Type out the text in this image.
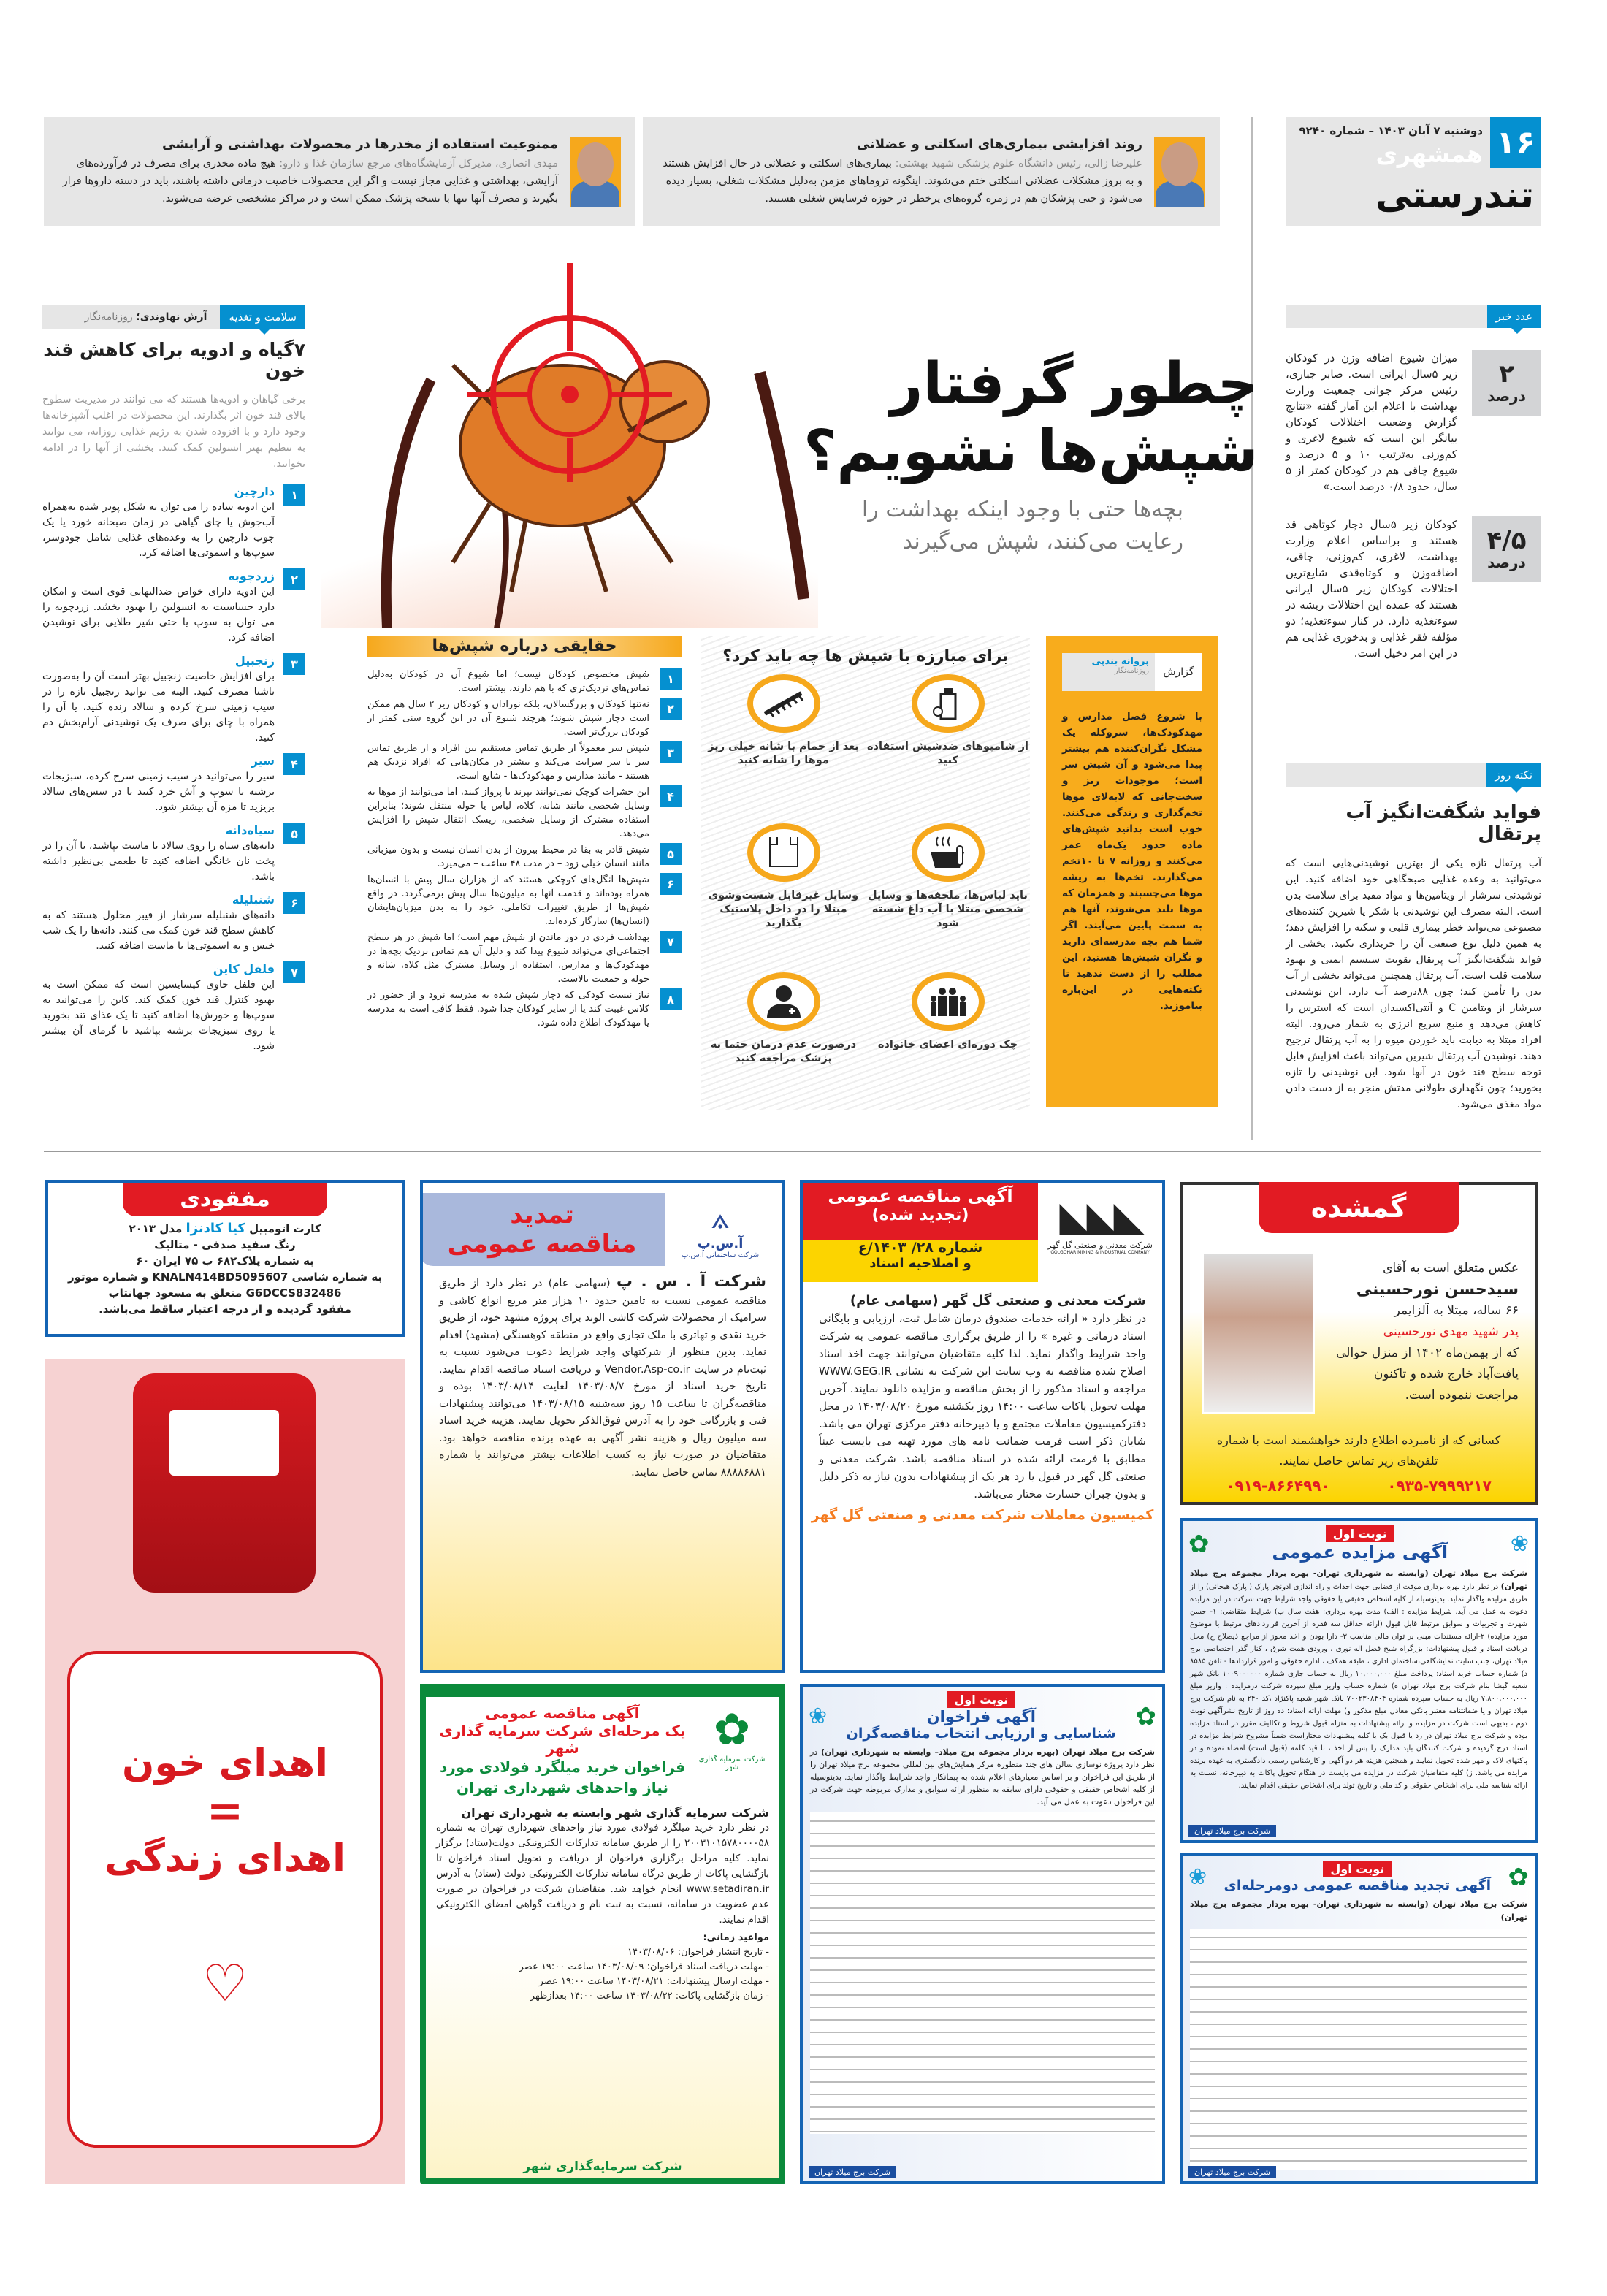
۱۶
دوشنبه ۷ آبان ۱۴۰۳ – شماره ۹۲۴۰
همشهری
تندرستی
روند افزایشی بیماری‌های اسکلتی و عضلانی

علیرضا زالی، رئیس دانشگاه علوم پزشکی شهید بهشتی: بیماری‌های اسکلتی و عضلانی در حال افزایش هستند و به بروز مشکلات عضلانی اسکلتی ختم می‌شوند. اینگونه تروماهای مزمن به‌دلیل مشکلات شغلی، بسیار دیده می‌شود و حتی پزشکان هم در زمره گروه‌های پرخطر در حوزه فرسایش شغلی هستند.

ممنوعیت استفاده از مخدرها در محصولات بهداشتی و آرایشی

مهدی انصاری، مدیرکل آزمایشگاه‌های مرجع سازمان غذا و دارو: هیچ ماده مخدری برای مصرف در فرآورده‌های آرایشی، بهداشتی و غذایی مجاز نیست و اگر این محصولات خاصیت درمانی داشته باشند، باید در دسته داروها قرار بگیرند و مصرف آنها تنها با نسخه پزشک ممکن است و در مراکز مشخصی عرضه می‌شوند.

عدد خبر
۲
درصد

میزان شیوع اضافه وزن در کودکان زیر ۵سال ایرانی است. صابر جباری، رئیس مرکز جوانی جمعیت وزارت بهداشت با اعلام این آمار گفته «نتایج گزارش وضعیت اختلالات کودکان بیانگر این است که شیوع لاغری و کم‌وزنی به‌ترتیب ۱۰ و ۵ درصد و شیوع چاقی هم در کودکان کمتر از ۵ سال، حدود ۰/۸ درصد است.»

۴/۵
درصد

کودکان زیر ۵سال دچار کوتاهی قد هستند و براساس اعلام وزارت بهداشت، لاغری، کم‌وزنی، چاقی، اضافه‌وزن و کوتاه‌قدی شایع‌ترین اختلالات کودکان زیر ۵سال ایرانی هستند که عمده این اختلالات ریشه در سوءتغذیه دارد. در کنار سوءتغذیه؛ دو مؤلفه فقر غذایی و بدخوری غذایی هم در این امر دخیل است.

نکته روز
فواید شگفت‌انگیز آب پرتقال

آب پرتقال تازه یکی از بهترین نوشیدنی‌هایی است که می‌توانید به وعده غذایی صبحگاهی خود اضافه کنید. این نوشیدنی سرشار از ویتامین‌ها و مواد مفید برای سلامت بدن است. البته مصرف این نوشیدنی با شکر یا شیرین کننده‌های مصنوعی می‌تواند خطر بیماری قلبی و سکته را افزایش دهد؛ به همین دلیل نوع صنعتی آن را خریداری نکنید. بخشی از فواید شگفت‌انگیز آب پرتقال تقویت سیستم ایمنی و بهبود سلامت قلب است. آب پرتقال همچنین می‌تواند بخشی از آب بدن را تأمین کند؛ چون ۸۸درصد آب دارد. این نوشیدنی سرشار از ویتامین C و آنتی‌اکسیدان است که استرس را کاهش می‌دهد و منبع سریع انرژی به شمار می‌رود. البته افراد مبتلا به دیابت باید خوردن میوه را به آب پرتقال ترجیح دهند. نوشیدن آب پرتقال شیرین می‌تواند باعث افزایش قابل توجه سطح قند خون در آنها شود. این نوشیدنی را تازه بخورید؛ چون نگهداری طولانی مدتش منجر به از دست دادن مواد مغذی می‌شود.

سلامت و تغذیه
آرش نهاوندی؛ روزنامه‌نگار
۷گیاه و ادویه برای کاهش قند خون

برخی گیاهان و ادویه‌ها هستند که می توانند در مدیریت سطوح بالای قند خون اثر بگذارند. این محصولات در اغلب آشپزخانه‌ها وجود دارد و با افزوده شدن به رژیم غذایی روزانه، می توانند به تنظیم بهتر انسولین کمک کنند. بخشی از آنها را در ادامه بخوانید.

۱
دارچین

این ادویه ساده را می توان به شکل پودر شده به‌همراه آب‌جوش یا چای گیاهی در زمان صبحانه خورد یا یک چوب دارچین را به وعده‌های غذایی شامل جودوسر، سوپ‌ها و اسموتی‌ها اضافه کرد.

۲
زردچوبه

این ادویه دارای خواص ضدالتهابی قوی است و امکان دارد حساسیت به انسولین را بهبود بخشد. زردچوبه را می توان به سوپ یا حتی شیر طلایی برای نوشیدن اضافه کرد.

۳
زنجبیل

برای افزایش خاصیت زنجبیل بهتر است آن را به‌صورت ناشتا مصرف کنید. البته می توانید زنجبیل تازه را در سیب زمینی سرخ کرده و سالاد رنده کنید، یا آن را همراه با چای برای صرف یک نوشیدنی آرام‌بخش دم کنید.

۴
سیر

سیر را می‌توانید در سیب زمینی سرخ کرده، سبزیجات برشته یا سوپ و آش خرد کنید یا در سس‌های سالاد بریزید تا مزه آن بیشتر شود.

۵
سیاه‌دانه

دانه‌های سیاه را روی سالاد یا ماست بپاشید، یا آن را در پخت نان خانگی اضافه کنید تا طعمی بی‌نظیر داشته باشد.

۶
شنبلیله

دانه‌های شنبلیله سرشار از فیبر محلول هستند که به کاهش سطح قند خون کمک می کنند. دانه‌ها را یک شب خیس و به اسموتی‌ها یا ماست اضافه کنید.

۷
فلفل کاین

این فلفل حاوی کپسایسین است که ممکن است به بهبود کنترل قند خون کمک کند. کاین را می‌توانید به سوپ‌ها و خورش‌ها اضافه کنید تا یک غذای تند بخورید یا روی سبزیجات برشته بپاشید تا گرمای آن بیشتر شود.

چطور گرفتار
شپش‌ها نشویم؟

بچه‌ها حتی با وجود اینکه بهداشت را رعایت می‌کنند، شپش می‌گیرند

گزارش
پروانه بندپی
روزنامه‌نگار

با شروع فصل مدارس و مهدکودک‌ها، سروکله یک مشکل نگران‌کننده هم بیشتر پیدا می‌شود و آن شپش سر است؛ موجودات ریز و سخت‌جانی که لابه‌لای موها تخم‌گذاری و زندگی می‌کنند. خوب است بدانید شپش‌های ماده حدود یک‌ماه عمر می‌کنند و روزانه ۷ تا ۱۰تخم می‌گذارند. تخم‌ها به ریشه موها می‌چسبند و همزمان که موها بلند می‌شوند، آنها هم به سمت پایین می‌آیند. اگر شما هم بچه مدرسه‌ای دارید و نگران شپش‌ها هستید، این مطلب را از دست ندهید تا نکته‌هایی در این‌باره بیاموزید.

برای مبارزه با شپش ها چه باید کرد؟

از شامپوهای ضدشپش استفاده کنید

بعد از حمام با شانه خیلی ریز موها را شانه کنید

باید لباس‌ها، ملحفه‌ها و وسایل شخصی مبتلا با آب داغ شسته شود

وسایل غیرقابل شست‌وشوی مبتلا را در داخل پلاستیک بگذارید

چک دوره‌ای اعضای خانواده

درصورت عدم درمان حتما به پزشک مراجعه کنید

حقایقی درباره شپش‌ها
۱

شپش مخصوص کودکان نیست؛ اما شیوع آن در کودکان به‌دلیل تماس‌های نزدیک‌تری که با هم دارند، بیشتر است.

۲

نه‌تنها کودکان و بزرگسالان، بلکه نوزادان و کودکان زیر ۲ سال هم ممکن است دچار شپش شوند؛ هرچند شیوع آن در این گروه سنی کمتر از کودکان بزرگ‌تر است.

۳

شپش سر معمولاً از طریق تماس مستقیم بین افراد و از طریق تماس سر با سر سرایت می‌کند و بیشتر در مکان‌هایی که افراد نزدیک هم هستند - مانند مدارس و مهدکودک‌ها - شایع است.

۴

این حشرات کوچک نمی‌توانند بپرند یا پرواز کنند، اما می‌توانند از موها به وسایل شخصی مانند شانه، کلاه، لباس یا حوله منتقل شوند؛ بنابراین استفاده مشترک از وسایل شخصی، ریسک انتقال شپش را افزایش می‌دهد.

۵

شپش قادر به بقا در محیط بیرون از بدن انسان نیست و بدون میزبانی مانند انسان خیلی زود – در مدت ۴۸ ساعت – می‌میرد.

۶

شپش‌ها انگل‌های کوچکی هستند که از هزاران سال پیش با انسان‌ها همراه بوده‌اند و قدمت آنها به میلیون‌ها سال پیش برمی‌گردد. در واقع شپش‌ها از طریق تغییرات تکاملی، خود را به بدن میزبان‌هایشان (انسان‌ها) سازگار کرده‌اند.

۷

بهداشت فردی در دور ماندن از شپش مهم است؛ اما شپش در هر سطح اجتماعی‌ای می‌تواند شیوع پیدا کند و دلیل آن هم تماس نزدیک بچه‌ها در مهدکودک‌ها و مدارس، استفاده از وسایل مشترک مثل کلاه، شانه و حوله و جمعیت بالاست.

۸

نیاز نیست کودکی که دچار شپش شده به مدرسه نرود و از حضور در کلاس غیبت کند یا از سایر کودکان جدا شود. فقط کافی است به مدرسه یا مهدکودک اطلاع داده شود.

مفقودی
کارت اتومبیل کیا کادنزا مدل ۲۰۱۳
رنگ سفید صدفی - متالیک
به شماره پلاک۶۸۲ ب ۷۵ ایران ۶۰
به شماره شاسی KNALN414BD5095607 و شماره موتور
G6DCCS832486 متعلق به مسعود جهانتاب
مفقود گردیده و از درجه اعتبار ساقط می‌باشد.
اهدای خون
=
اهدای زندگی
♡
⟑
آ.س.پ
شرکت ساختمانی آ.س.پ
تمدید
مناقصه عمومی

شرکت آ . س . پ (سهامی عام) در نظر دارد از طریق مناقصه عمومی نسبت به تامین حدود ۱۰ هزار متر مربع انواع کاشی و سرامیک از محصولات شرکت کاشی الوند برای پروژه مشهد خود، از طریق خرید نقدی و تهاتری با ملک تجاری واقع در منطقه کوهسنگی (مشهد) اقدام نماید. بدین منظور از شرکتهای واجد شرایط دعوت می‌شود نسبت به ثبت‌نام در سایت Vendor.Asp-co.ir و دریافت اسناد مناقصه اقدام نمایند. تاریخ خرید اسناد از مورخ ۱۴۰۳/۰۸/۷ لغایت ۱۴۰۳/۰۸/۱۴ بوده و مناقصه‌گران تا ساعت ۱۵ روز سه‌شنبه ۱۴۰۳/۰۸/۱۵ می‌توانند پیشنهادات فنی و بازرگانی خود را به آدرس فوق‌الذکر تحویل نمایند. هزینه خرید اسناد سه میلیون ریال و هزینه نشر آگهی به عهده برنده مناقصه خواهد بود. متقاضیان در صورت نیاز به کسب اطلاعات بیشتر می‌توانند با شماره ۸۸۸۸۶۸۸۱ تماس حاصل نمایند.

◣◣◣
شرکت معدنی و صنعتی گل گهر
GOLGOHAR MINING & INDUSTRIAL COMPANY
آگهی مناقصه عمومی
(تجدید شده)
شماره ۲۸/ ۱۴۰۳/ع
و اصلاحیه اسناد

شرکت معدنی و صنعتی گل گهر (سهامی عام)
در نظر دارد « ارائه خدمات صندوق درمان شامل ثبت، ارزیابی و بایگانی اسناد درمانی و غیره » را از طریق برگزاری مناقصه عمومی به شرکت واجد شرایط واگذار نماید. لذا کلیه متقاضیان می‌توانند جهت اخذ اسناد اصلاح شده مناقصه به وب سایت این شرکت به نشانی WWW.GEG.IR مراجعه و اسناد مذکور را از بخش مناقصه و مزایده دانلود نمایند. آخرین مهلت تحویل پاکات ساعت ۱۴:۰۰ روز یکشنبه مورخ ۱۴۰۳/۰۸/۲۰ در محل دفترکمیسیون معاملات مجتمع و یا دبیرخانه دفتر مرکزی تهران می باشد. شایان ذکر است فرمت ضمانت نامه های مورد تهیه می بایست عیناً مطابق با فرمت ارائه شده در اسناد مناقصه باشد. شرکت معدنی و صنعتی گل گهر در قبول یا رد هر یک از پیشنهادات بدون نیاز به ذکر دلیل و بدون جبران خسارت مختار می‌باشد.

کمیسیون معاملات شرکت معدنی و صنعتی گل گهر
گمشده
عکس متعلق است به آقای
سیدحسن نورحسینی
۶۶ ساله، مبتلا به آلزایمر
پدر شهید مهدی نورحسینی
که از بهمن‌ماه ۱۴۰۲ از منزل حوالی یافت‌آباد خارج شده و تاکنون مراجعت ننموده است.
کسانی که از نامبرده اطلاع دارند خواهشمند است با شماره تلفن‌های زیر تماس حاصل نمایند.
۰۹۳۵-۷۹۹۹۲۱۷
۰۹۱۹-۸۶۶۴۹۹۰
❀
نوبت اول
آگهی مزایده عمومی
✿

شرکت برج میلاد تهران (وابسته به شهرداری تهران- بهره بردار مجموعه برج میلاد تهران) در نظر دارد بهره برداری موقت از فضایی جهت احداث و راه اندازی ادونچر پارک ( پارک هیجانی) را از طریق مزایده واگذار نماید. بدینوسیله از کلیه اشخاص حقیقی یا حقوقی واجد شرایط جهت شرکت در این مزایده دعوت به عمل می آید. شرایط مزایده : الف) مدت بهره برداری: هفت سال ب) شرایط متقاضی: ۱- حسن شهرت و تجربیات و سوابق مرتبط قابل قبول (ارائه حداقل سه فقره از آخرین قراردادهای مرتبط با موضوع مورد مزایده) ۲-ارائه مستندات مبنی بر توان مالی مناسب ۳- دارا بودن و اخذ مجوز از مراجع ذیصلاح ج) محل دریافت اسناد و قبول پیشنهادات: بزرگراه شیخ فضل اله نوری ، ورودی همت شرق ، کنار گذر اختصاصی برج میلاد تهران، جنب سایت نمایشگاهی،ساختمان اداری ، طبقه همکف ، اداره حقوقی و امور قراردادها - تلفن ۸۵۸۵ د) شماره حساب خرید اسناد: پرداخت مبلغ ۱۰,۰۰۰,۰۰۰ ریال به حساب جاری شماره ۱۰۰۹۰۰۰۰۰۰ بانک شهر شعبه گیشا بنام شرکت برج میلاد تهران ه) شماره حساب واریز مبلغ سپرده شرکت درمزایده : واریز مبلغ ۷,۸۰۰,۰۰۰,۰۰۰ ریال به حساب سپرده شماره ۷۰۰۲۳۰۸۴۰۴ بانک شهر شعبه پاکنژاد ،کد ۲۴۰ به نام شرکت برج میلاد تهران و یا ضمانتنامه معتبر بانکی معادل مبلغ مذکور و) مهلت ارائه اسناد: ده روز از تاریخ نشرآگهی نوبت دوم ، بدیهی است شرکت در مزایده و ارائه پیشنهادات به منزله قبول شروط و تکالیف مقرر در اسناد مزایده بوده و شرکت برج میلاد تهران در رد یا قبول یک یا کلیه پیشنهادات مختاراست ضمناً مشروح شرایط مزایده در اسناد درج گردیده و شرکت کنندگان باید مدارک را پس از اخذ ، با قید کلمه (قبول است) امضاء نموده و در پاکتهای لاک و مهر شده تحویل نمایند و همچنین هزینه هر دو آگهی و کارشناس رسمی دادگستری به عهده برنده مزایده می باشد. ز) کلیه متقاضیان شرکت در مزایده می بایست در هنگام تحویل پاکات به دبیرخانه، نسبت به ارائه شناسه ملی برای اشخاص حقوقی و کد ملی و تاریخ تولد برای اشخاص حقیقی اقدام نمایند.

شرکت برج میلاد تهران
✿
نوبت اول
آگهی تجدید مناقصه عمومی دومرحله‌ای
❀

شرکت برج میلاد تهران (وابسته به شهرداری تهران- بهره بردار مجموعه برج میلاد تهران)

شرکت برج میلاد تهران
✿
شرکت سرمایه گذاری شهر
آگهی مناقصه عمومی
یک مرحله‌ای شرکت سرمایه گذاری شهر
فراخوان خرید میلگرد فولادی مورد نیاز واحدهای شهرداری تهران

شرکت سرمایه گذاری شهر وابسته به شهرداری تهران
در نظر دارد خرید میلگرد فولادی مورد نیاز واحدهای شهرداری تهران به شماره ۲۰۰۳۱۰۱۵۷۸۰۰۰۰۵۸ را از طریق سامانه تدارکات الکترونیکی دولت(ستاد) برگزار نماید. کلیه مراحل برگزاری فراخوان از دریافت و تحویل اسناد فراخوان تا بازگشایی پاکات از طریق درگاه سامانه تدارکات الکترونیکی دولت (ستاد) به آدرس www.setadiran.ir انجام خواهد شد. متقاضیان شرکت در فراخوان در صورت عدم عضویت در سامانه، نسبت به ثبت نام و دریافت گواهی امضای الکترونیکی اقدام نمایند.

مواعید زمانی:
- تاریخ انتشار فراخوان: ۱۴۰۳/۰۸/۰۶
- مهلت دریافت اسناد فراخوان: ۱۴۰۳/۰۸/۰۹ ساعت ۱۹:۰۰ عصر
- مهلت ارسال پیشنهادات: ۱۴۰۳/۰۸/۲۱ ساعت ۱۹:۰۰ عصر
- زمان بازگشایی پاکات: ۱۴۰۳/۰۸/۲۲ ساعت ۱۴:۰۰ بعدازظهر
شرکت سرمایه‌گذاری شهر
✿
نوبت اول
آگهی فراخوان
شناسایی و ارزیابی انتخاب مناقصه‌گران
❀

شرکت برج میلاد تهران (بهره بردار مجموعه برج میلاد– وابسته به شهرداری تهران) در نظر دارد پروژه نوسازی سالن های چند منظوره مرکز همایش‌های بین‌المللی مجموعه برج میلاد تهران را از طریق این فراخوان و بر اساس معیارهای اعلام شده به پیمانکار واجد شرایط واگذار نماید. بدینوسیله از کلیه اشخاص حقیقی و حقوقی دارای سابقه به منظور ارائه سوابق و مدارک مربوطه جهت شرکت در این فراخوان دعوت به عمل می آید.

شرکت برج میلاد تهران
